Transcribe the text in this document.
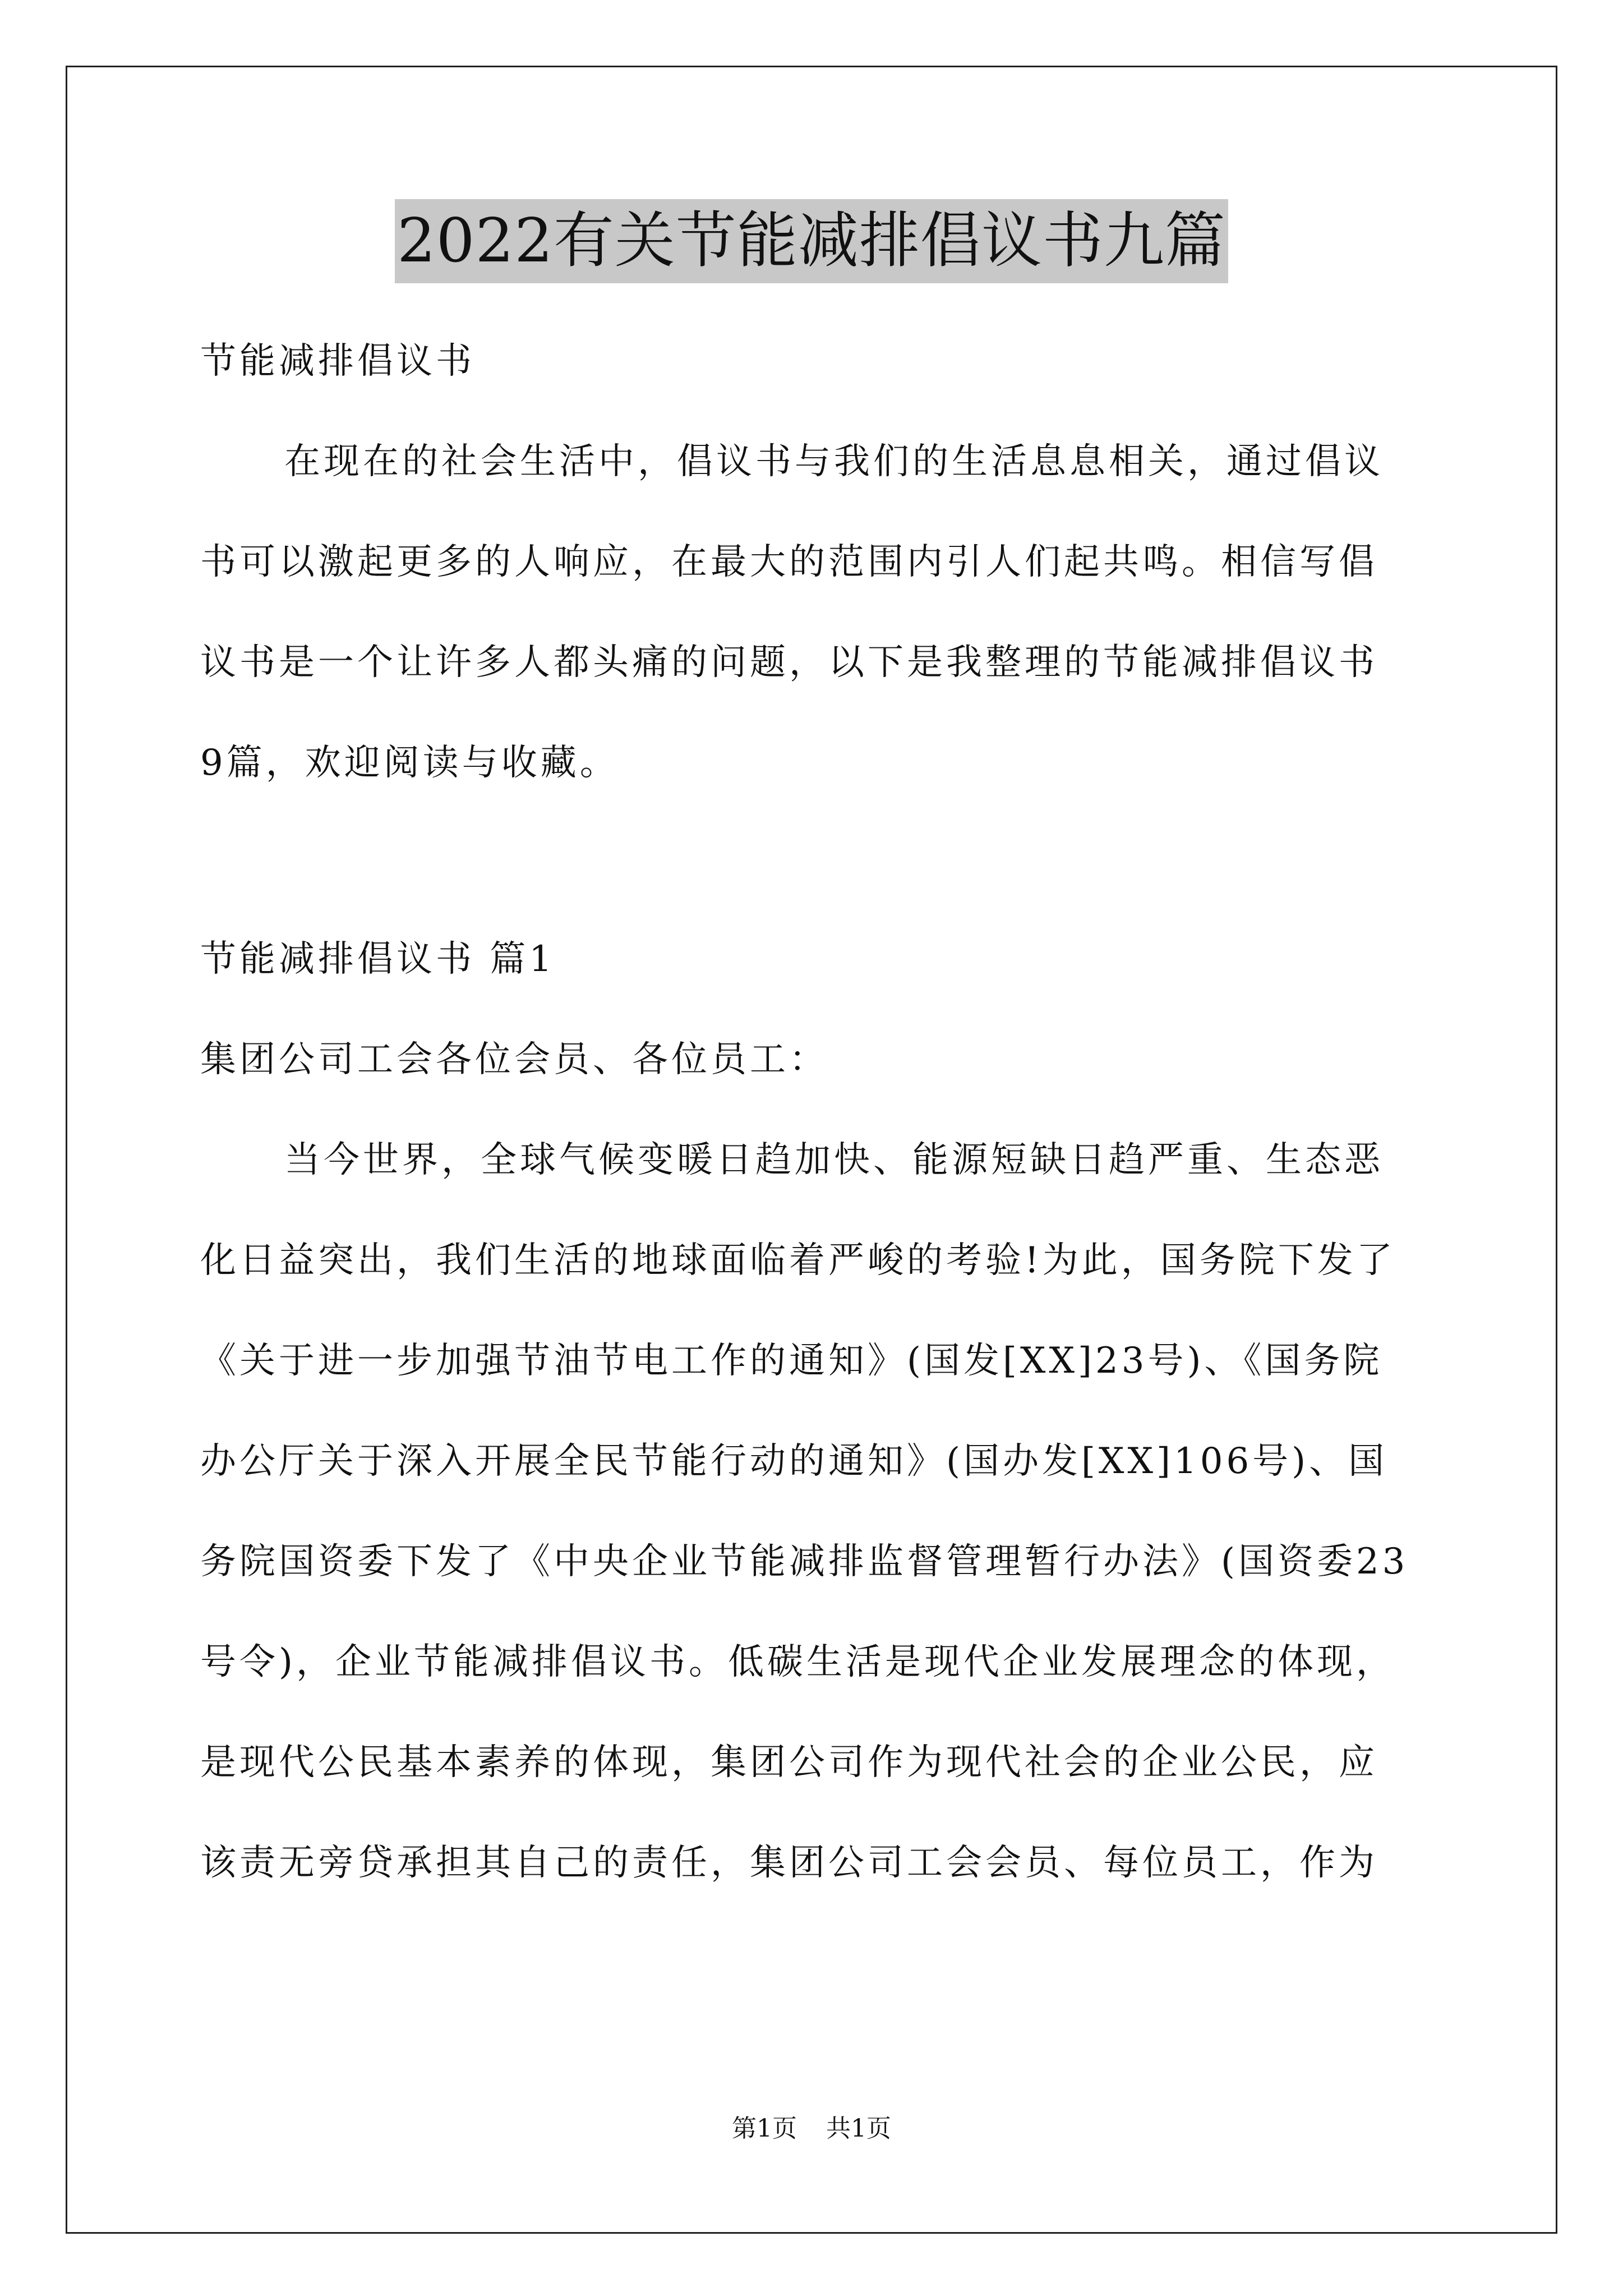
2022有关节能减排倡议书九篇
节能减排倡议书
在现在的社会生活中，倡议书与我们的生活息息相关，通过倡议
书可以激起更多的人响应，在最大的范围内引人们起共鸣。相信写倡
议书是一个让许多人都头痛的问题，以下是我整理的节能减排倡议书
9篇，欢迎阅读与收藏。
节能减排倡议书 篇1
集团公司工会各位会员、各位员工：
当今世界，全球气候变暖日趋加快、能源短缺日趋严重、生态恶
化日益突出，我们生活的地球面临着严峻的考验!为此，国务院下发了
《关于进一步加强节油节电工作的通知》(国发[XX]23号)、《国务院
办公厅关于深入开展全民节能行动的通知》(国办发[XX]106号)、国
务院国资委下发了《中央企业节能减排监督管理暂行办法》(国资委23
号令)，企业节能减排倡议书。低碳生活是现代企业发展理念的体现，
是现代公民基本素养的体现，集团公司作为现代社会的企业公民，应
该责无旁贷承担其自己的责任，集团公司工会会员、每位员工，作为
第1页 共1页
